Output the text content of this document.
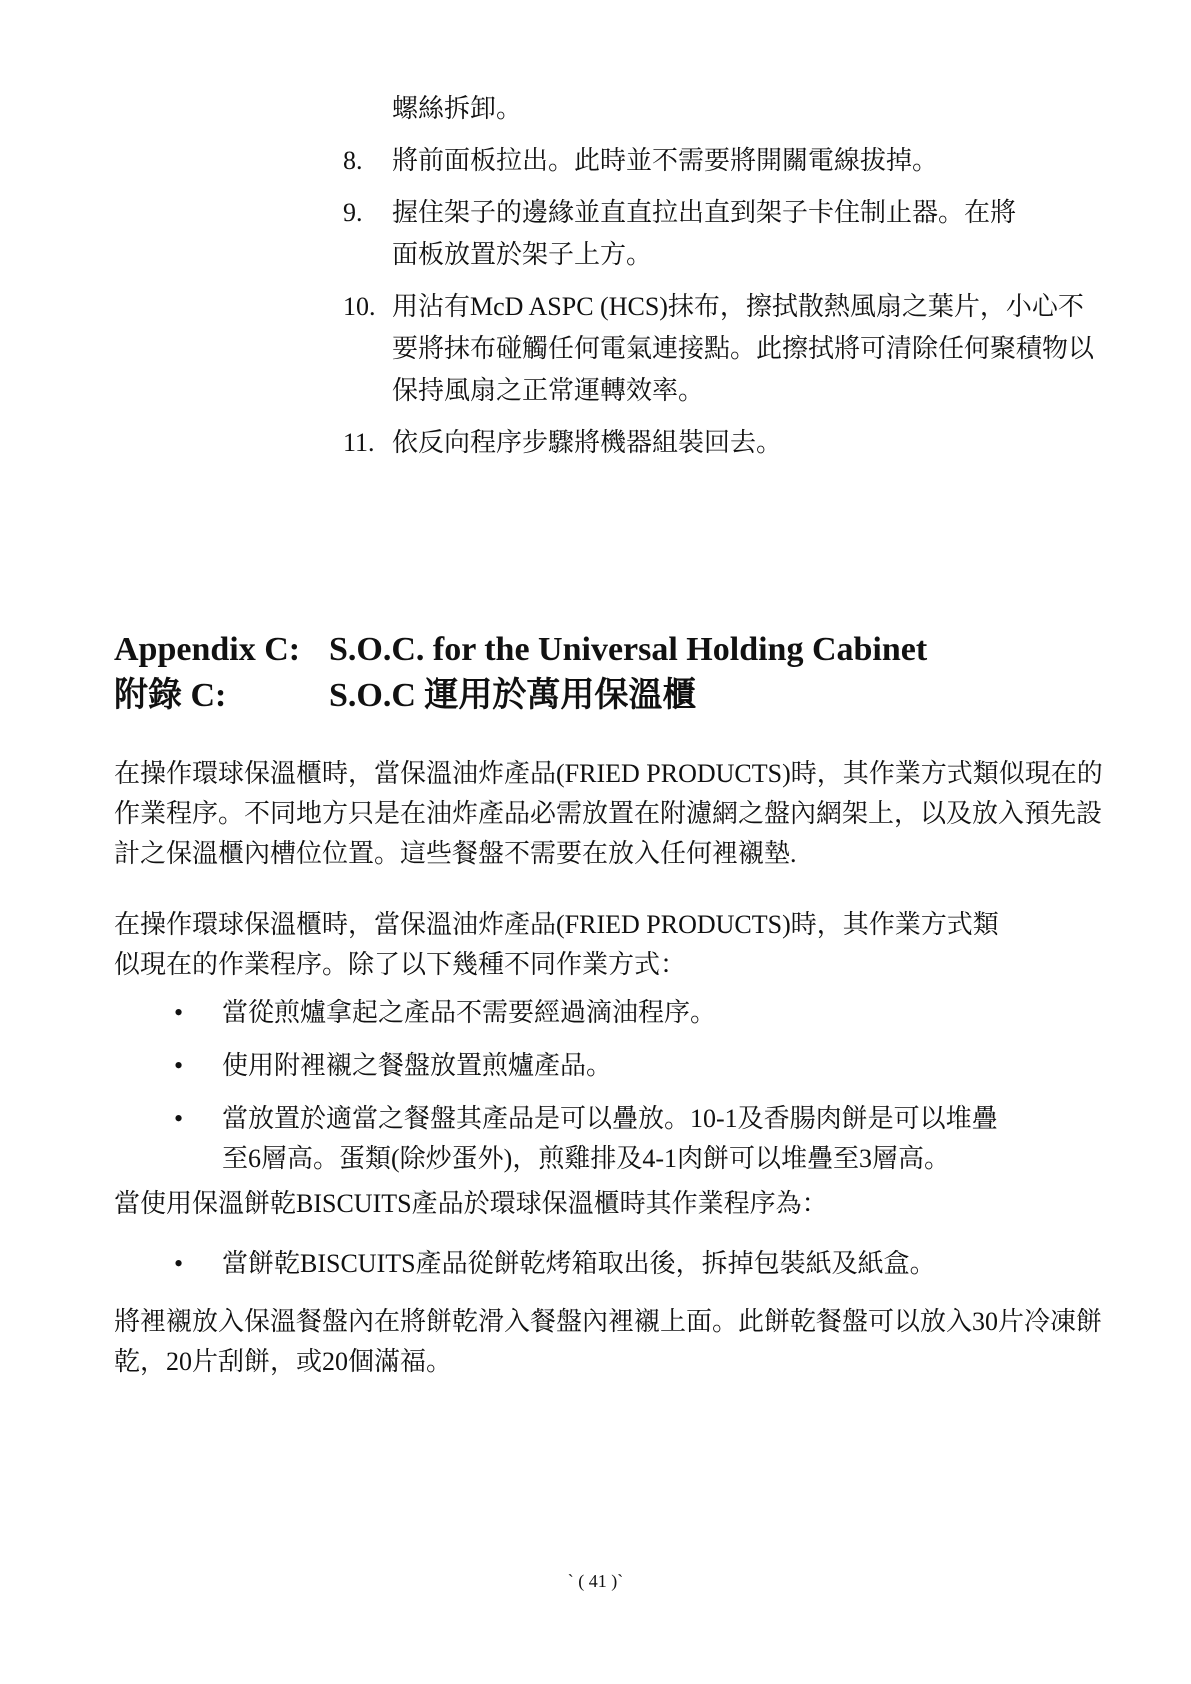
螺絲拆卸。
8. 將前面板拉出。此時並不需要將開關電線拔掉。
9. 握住架子的邊緣並直直拉出直到架子卡住制止器。在將面板放置於架子上方。
10. 用沾有McD ASPC (HCS)抹布，擦拭散熱風扇之葉片，小心不要將抹布碰觸任何電氣連接點。此擦拭將可清除任何聚積物以保持風扇之正常運轉效率。
11. 依反向程序步驟將機器組裝回去。
Appendix C: S.O.C. for the Universal Holding Cabinet
附錄 C:	S.O.C 運用於萬用保溫櫃
在操作環球保溫櫃時，當保溫油炸產品(FRIED PRODUCTS)時，其作業方式類似現在的作業程序。不同地方只是在油炸產品必需放置在附濾網之盤內網架上，以及放入預先設計之保溫櫃內槽位位置。這些餐盤不需要在放入任何裡襯墊.
在操作環球保溫櫃時，當保溫油炸產品(FRIED PRODUCTS)時，其作業方式類似現在的作業程序。除了以下幾種不同作業方式：
• 當從煎爐拿起之產品不需要經過滴油程序。
• 使用附裡襯之餐盤放置煎爐產品。
• 當放置於適當之餐盤其產品是可以疊放。10-1及香腸肉餅是可以堆疊至6層高。蛋類(除炒蛋外)，煎雞排及4-1肉餅可以堆疊至3層高。
當使用保溫餅乾BISCUITS產品於環球保溫櫃時其作業程序為：
• 當餅乾BISCUITS產品從餅乾烤箱取出後，拆掉包裝紙及紙盒。
將裡襯放入保溫餐盤內在將餅乾滑入餐盤內裡襯上面。此餅乾餐盤可以放入30片冷凍餅乾，20片刮餅，或20個滿福。
` ( 41 )`
